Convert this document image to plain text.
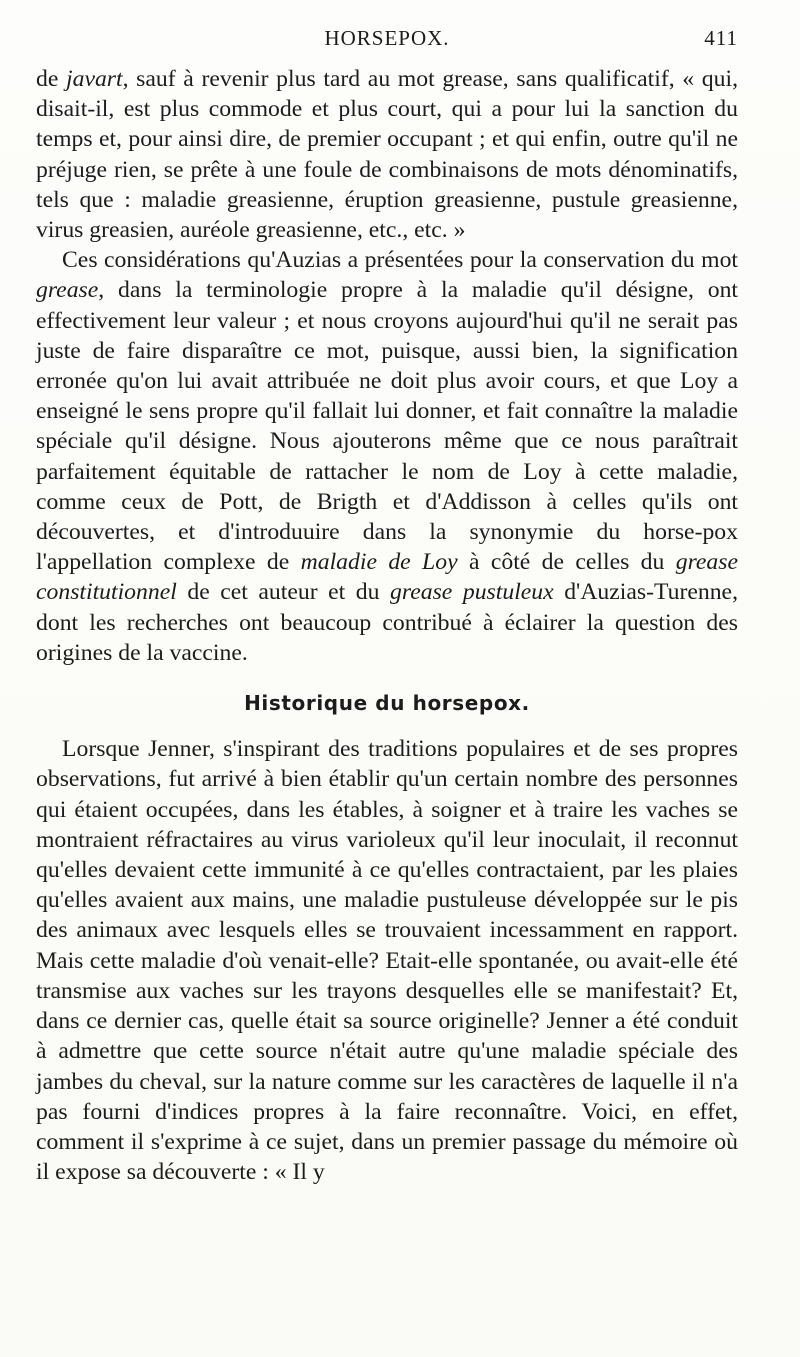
HORSEPOX.	411

de javart, sauf à revenir plus tard au mot grease, sans qualificatif, « qui, disait-il, est plus commode et plus court, qui a pour lui la sanction du temps et, pour ainsi dire, de premier occupant ; et qui enfin, outre qu'il ne préjuge rien, se prête à une foule de combinaisons de mots dénominatifs, tels que : maladie greasienne, éruption greasienne, pustule greasienne, virus greasien, auréole greasienne, etc., etc. »

Ces considérations qu'Auzias a présentées pour la conservation du mot grease, dans la terminologie propre à la maladie qu'il désigne, ont effectivement leur valeur ; et nous croyons aujourd'hui qu'il ne serait pas juste de faire disparaître ce mot, puisque, aussi bien, la signification erronée qu'on lui avait attribuée ne doit plus avoir cours, et que Loy a enseigné le sens propre qu'il fallait lui donner, et fait connaître la maladie spéciale qu'il désigne. Nous ajouterons même que ce nous paraîtrait parfaitement équitable de rattacher le nom de Loy à cette maladie, comme ceux de Pott, de Brigth et d'Addisson à celles qu'ils ont découvertes, et d'introduuire dans la synonymie du horse-pox l'appellation complexe de maladie de Loy à côté de celles du grease constitutionnel de cet auteur et du grease pustuleux d'Auzias-Turenne, dont les recherches ont beaucoup contribué à éclairer la question des origines de la vaccine.

Historique du horsepox.

Lorsque Jenner, s'inspirant des traditions populaires et de ses propres observations, fut arrivé à bien établir qu'un certain nombre des personnes qui étaient occupées, dans les étables, à soigner et à traire les vaches se montraient réfractaires au virus varioleux qu'il leur inoculait, il reconnut qu'elles devaient cette immunité à ce qu'elles contractaient, par les plaies qu'elles avaient aux mains, une maladie pustuleuse développée sur le pis des animaux avec lesquels elles se trouvaient incessamment en rapport. Mais cette maladie d'où venait-elle? Etait-elle spontanée, ou avait-elle été transmise aux vaches sur les trayons desquelles elle se manifestait? Et, dans ce dernier cas, quelle était sa source originelle? Jenner a été conduit à admettre que cette source n'était autre qu'une maladie spéciale des jambes du cheval, sur la nature comme sur les caractères de laquelle il n'a pas fourni d'indices propres à la faire reconnaître. Voici, en effet, comment il s'exprime à ce sujet, dans un premier passage du mémoire où il expose sa découverte : « Il y
